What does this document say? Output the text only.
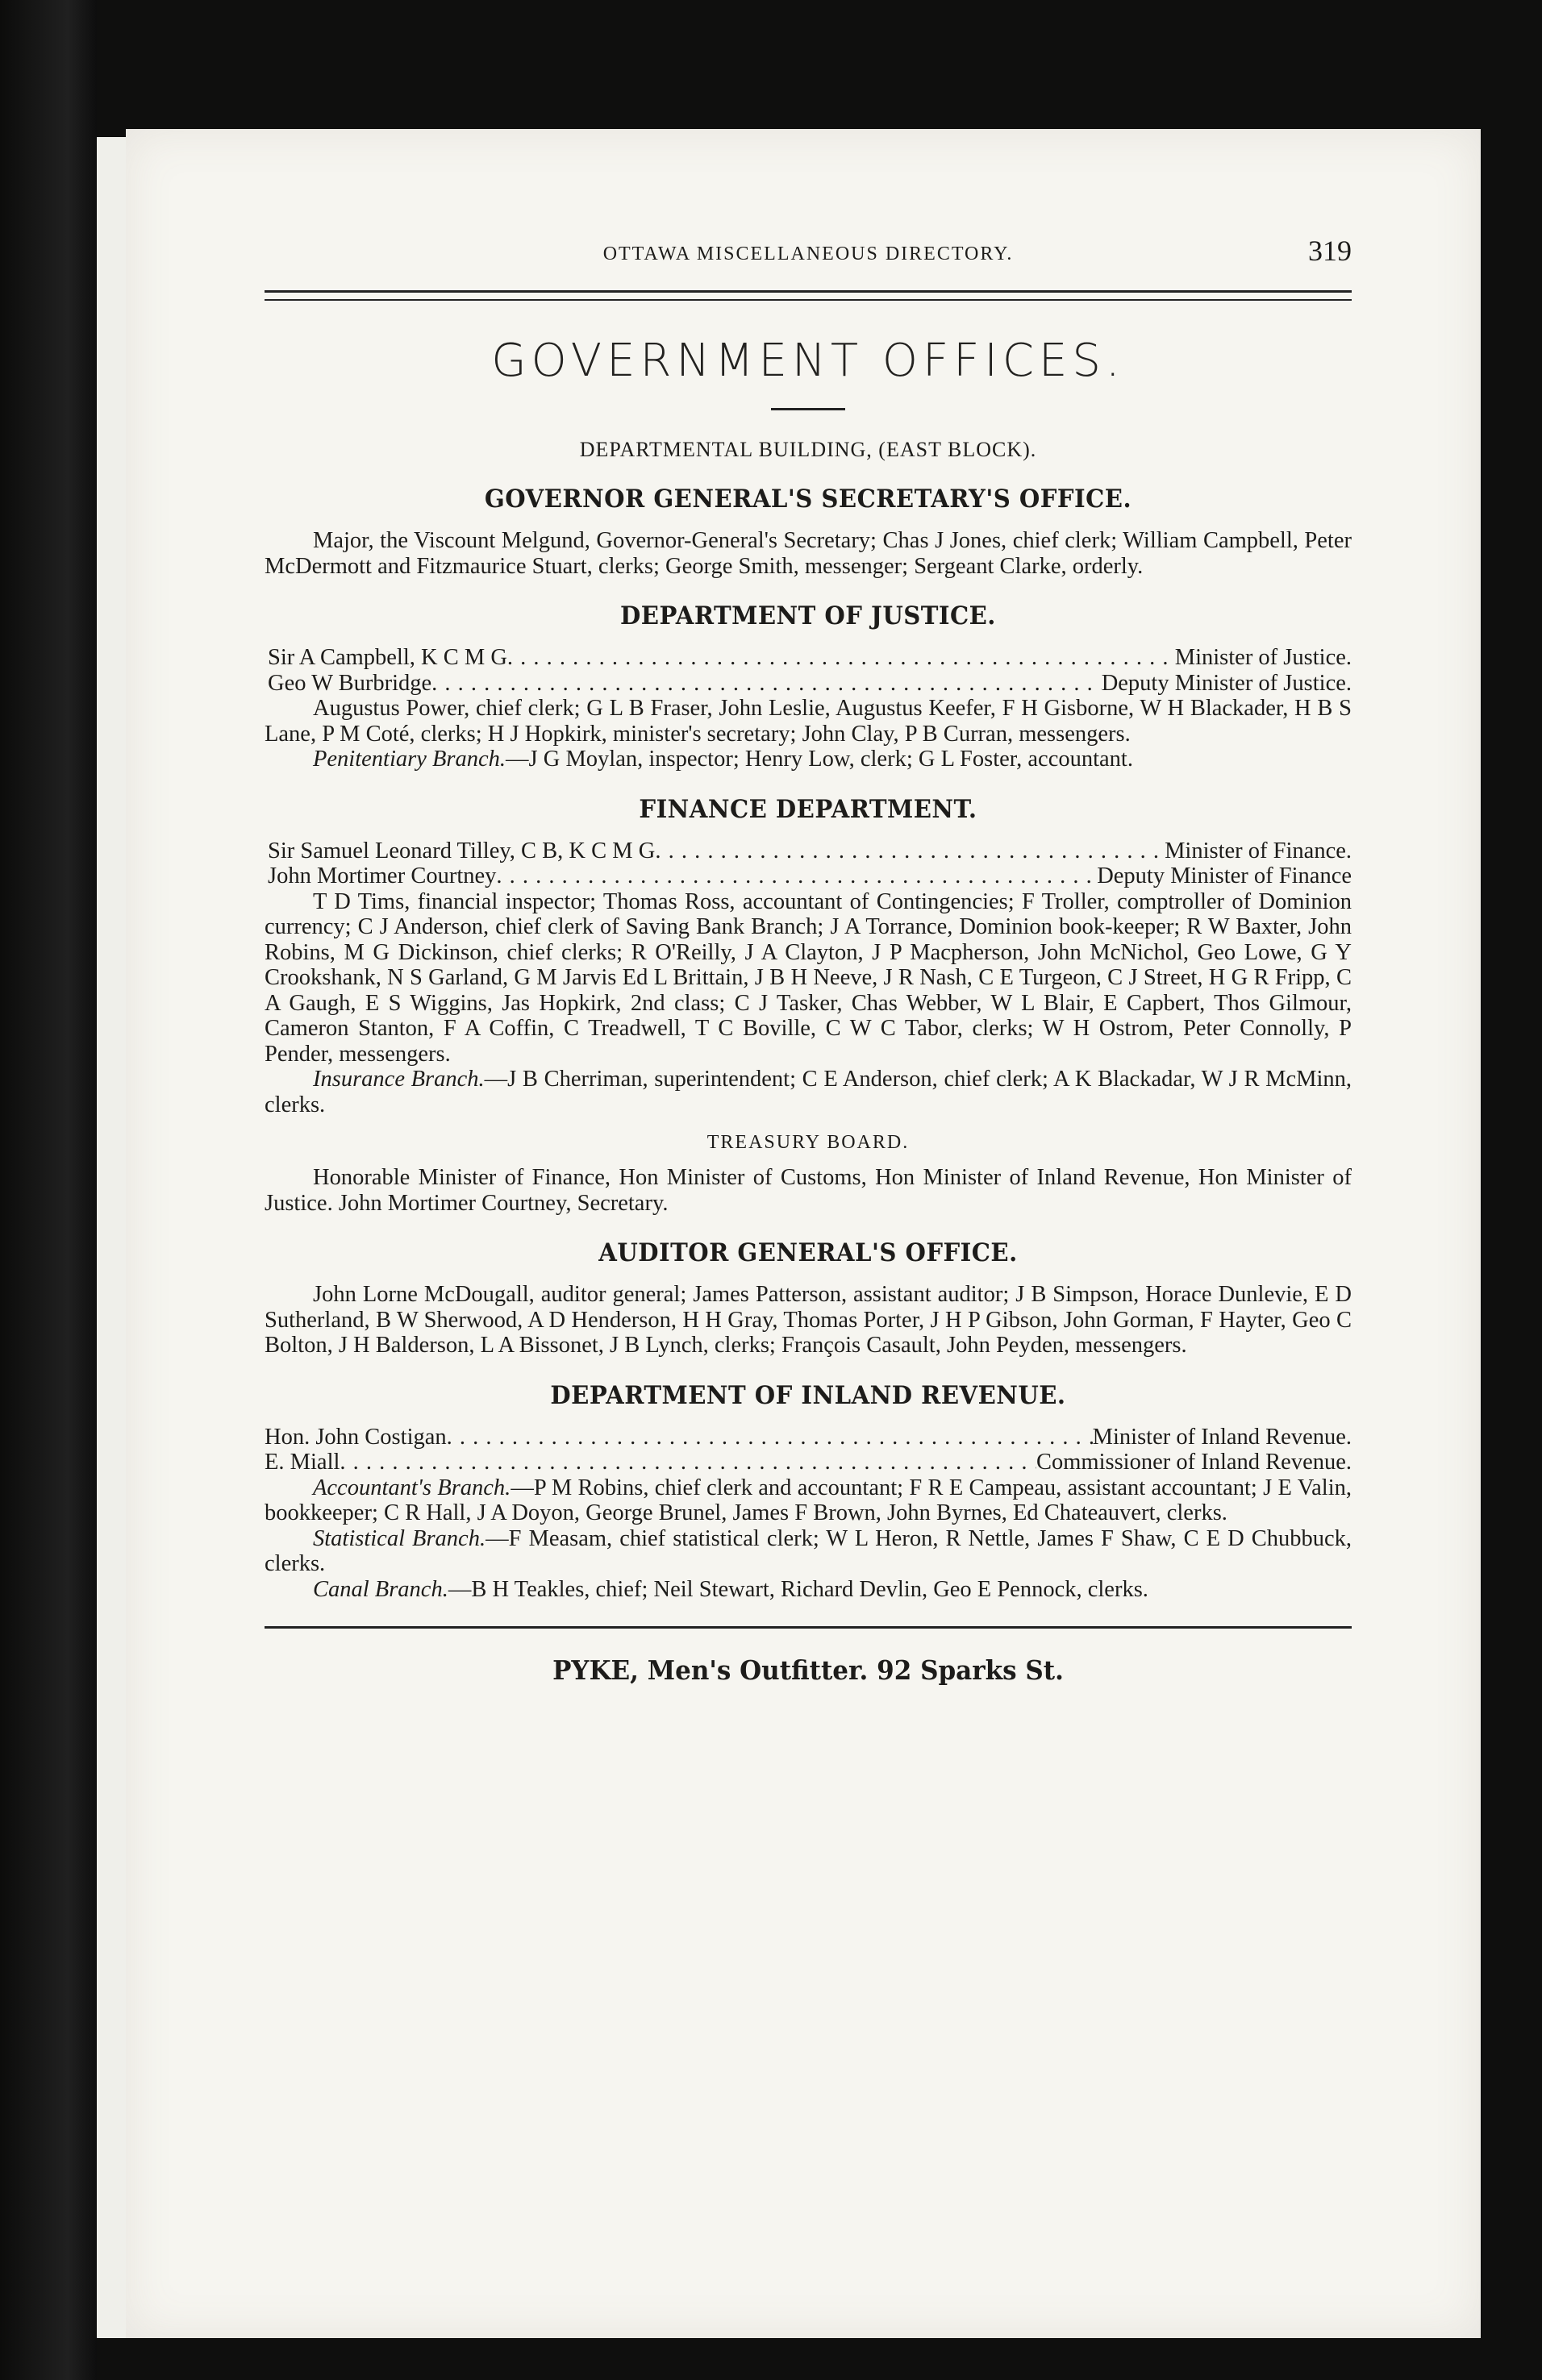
OTTAWA MISCELLANEOUS DIRECTORY.	319
GOVERNMENT OFFICES.
DEPARTMENTAL BUILDING, (EAST BLOCK).
GOVERNOR GENERAL'S SECRETARY'S OFFICE.

Major, the Viscount Melgund, Governor-General's Secretary; Chas J Jones, chief clerk; William Campbell, Peter McDermott and Fitzmaurice Stuart, clerks; George Smith, messenger; Sergeant Clarke, orderly.

DEPARTMENT OF JUSTICE.
Sir A Campbell, K C M G . . .	Minister of Justice.
Geo W Burbridge . . .	Deputy Minister of Justice.

Augustus Power, chief clerk; G L B Fraser, John Leslie, Augustus Keefer, F H Gisborne, W H Blackader, H B S Lane, P M Coté, clerks; H J Hopkirk, minister's secretary; John Clay, P B Curran, messengers.

Penitentiary Branch.—J G Moylan, inspector; Henry Low, clerk; G L Foster, accountant.

FINANCE DEPARTMENT.
Sir Samuel Leonard Tilley, C B, K C M G . . .	Minister of Finance.
John Mortimer Courtney . . .	Deputy Minister of Finance

T D Tims, financial inspector; Thomas Ross, accountant of Contingencies; F Troller, comptroller of Dominion currency; C J Anderson, chief clerk of Saving Bank Branch; J A Torrance, Dominion book-keeper; R W Baxter, John Robins, M G Dickinson, chief clerks; R O'Reilly, J A Clayton, J P Macpherson, John McNichol, Geo Lowe, G Y Crookshank, N S Garland, G M Jarvis Ed L Brittain, J B H Neeve, J R Nash, C E Turgeon, C J Street, H G R Fripp, C A Gaugh, E S Wiggins, Jas Hopkirk, 2nd class; C J Tasker, Chas Webber, W L Blair, E Capbert, Thos Gilmour, Cameron Stanton, F A Coffin, C Treadwell, T C Boville, C W C Tabor, clerks; W H Ostrom, Peter Connolly, P Pender, messengers.

Insurance Branch.—J B Cherriman, superintendent; C E Anderson, chief clerk; A K Blackadar, W J R McMinn, clerks.

TREASURY BOARD.

Honorable Minister of Finance, Hon Minister of Customs, Hon Minister of Inland Revenue, Hon Minister of Justice. John Mortimer Courtney, Secretary.

AUDITOR GENERAL'S OFFICE.

John Lorne McDougall, auditor general; James Patterson, assistant auditor; J B Simpson, Horace Dunlevie, E D Sutherland, B W Sherwood, A D Henderson, H H Gray, Thomas Porter, J H P Gibson, John Gorman, F Hayter, Geo C Bolton, J H Balderson, L A Bissonet, J B Lynch, clerks; François Casault, John Peyden, messengers.

DEPARTMENT OF INLAND REVENUE.
Hon. John Costigan . . .	Minister of Inland Revenue.
E. Miall . . .	Commissioner of Inland Revenue.

Accountant's Branch.—P M Robins, chief clerk and accountant; F R E Campeau, assistant accountant; J E Valin, bookkeeper; C R Hall, J A Doyon, George Brunel, James F Brown, John Byrnes, Ed Chateauvert, clerks.

Statistical Branch.—F Measam, chief statistical clerk; W L Heron, R Nettle, James F Shaw, C E D Chubbuck, clerks.

Canal Branch.—B H Teakles, chief; Neil Stewart, Richard Devlin, Geo E Pennock, clerks.

PYKE, Men's Outfitter. 92 Sparks St.
